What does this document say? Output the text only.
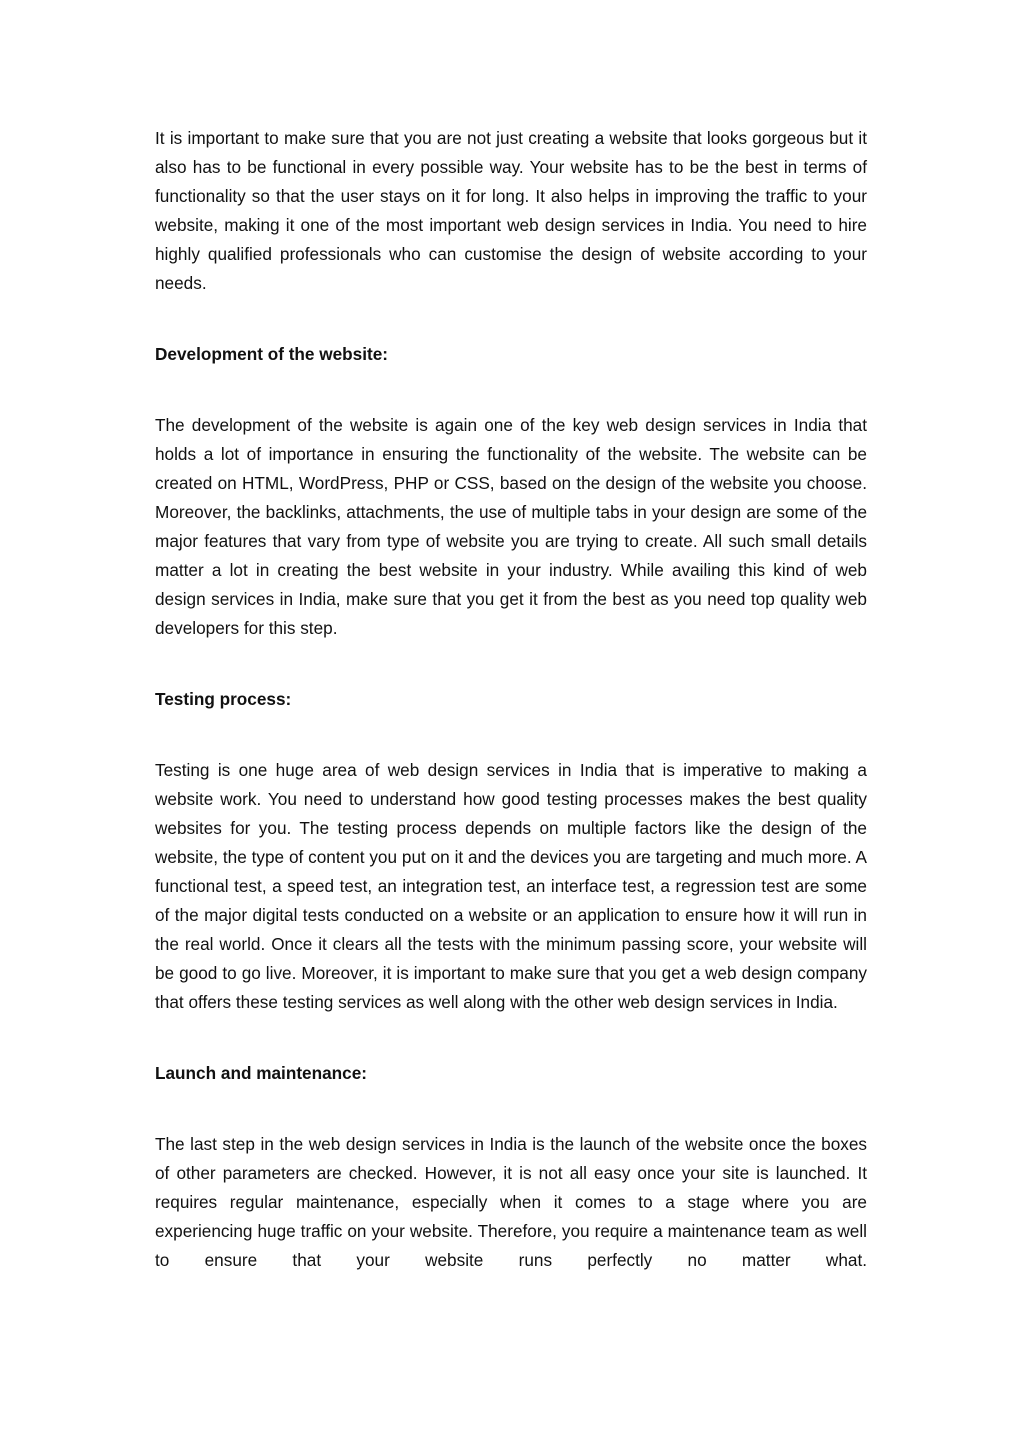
It is important to make sure that you are not just creating a website that looks gorgeous but it also has to be functional in every possible way. Your website has to be the best in terms of functionality so that the user stays on it for long. It also helps in improving the traffic to your website, making it one of the most important web design services in India. You need to hire highly qualified professionals who can customise the design of website according to your needs.

Development of the website:

The development of the website is again one of the key web design services in India that holds a lot of importance in ensuring the functionality of the website. The website can be created on HTML, WordPress, PHP or CSS, based on the design of the website you choose. Moreover, the backlinks, attachments, the use of multiple tabs in your design are some of the major features that vary from type of website you are trying to create. All such small details matter a lot in creating the best website in your industry. While availing this kind of web design services in India, make sure that you get it from the best as you need top quality web developers for this step.

Testing process:

Testing is one huge area of web design services in India that is imperative to making a website work. You need to understand how good testing processes makes the best quality websites for you. The testing process depends on multiple factors like the design of the website, the type of content you put on it and the devices you are targeting and much more. A functional test, a speed test, an integration test, an interface test, a regression test are some of the major digital tests conducted on a website or an application to ensure how it will run in the real world. Once it clears all the tests with the minimum passing score, your website will be good to go live. Moreover, it is important to make sure that you get a web design company that offers these testing services as well along with the other web design services in India.

Launch and maintenance:

The last step in the web design services in India is the launch of the website once the boxes of other parameters are checked. However, it is not all easy once your site is launched. It requires regular maintenance, especially when it comes to a stage where you are experiencing huge traffic on your website. Therefore, you require a maintenance team as well to ensure that your website runs perfectly no matter what.
